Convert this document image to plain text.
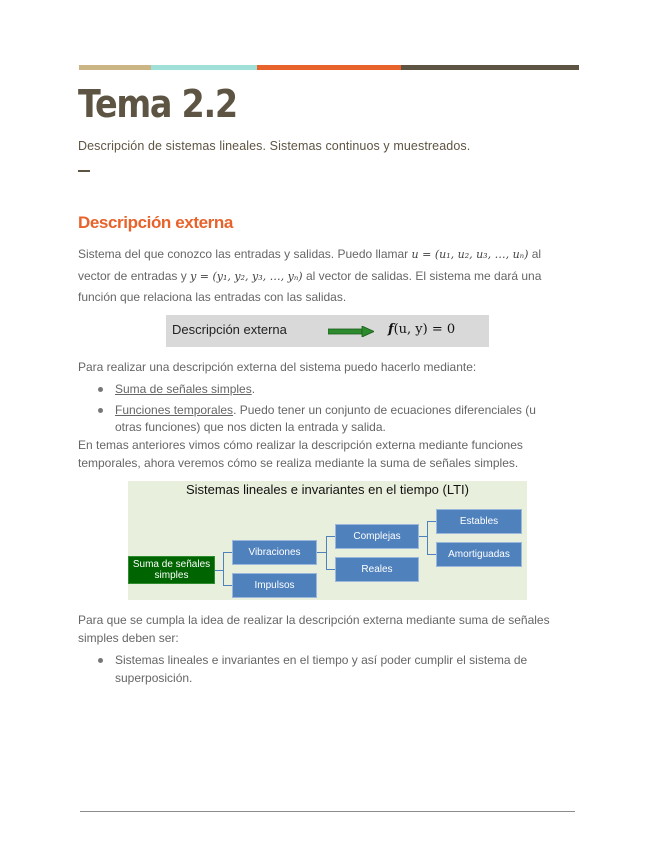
Tema 2.2
Descripción de sistemas lineales. Sistemas continuos y muestreados.
Descripción externa

Sistema del que conozco las entradas y salidas. Puedo llamar u = (u₁, u₂, u₃, …, uₙ) al vector de entradas y y = (y₁, y₂, y₃, …, yₙ) al vector de salidas. El sistema me dará una función que relaciona las entradas con las salidas.

Descripción externa	f(u, y) = 0

Para realizar una descripción externa del sistema puedo hacerlo mediante:

Suma de señales simples.
Funciones temporales. Puedo tener un conjunto de ecuaciones diferenciales (u otras funciones) que nos dicten la entrada y salida.

En temas anteriores vimos cómo realizar la descripción externa mediante funciones temporales, ahora veremos cómo se realiza mediante la suma de señales simples.

Sistemas lineales e invariantes en el tiempo (LTI)
Suma de señales simples
Vibraciones
Impulsos
Complejas
Reales
Estables
Amortiguadas

Para que se cumpla la idea de realizar la descripción externa mediante suma de señales simples deben ser:

Sistemas lineales e invariantes en el tiempo y así poder cumplir el sistema de superposición.
